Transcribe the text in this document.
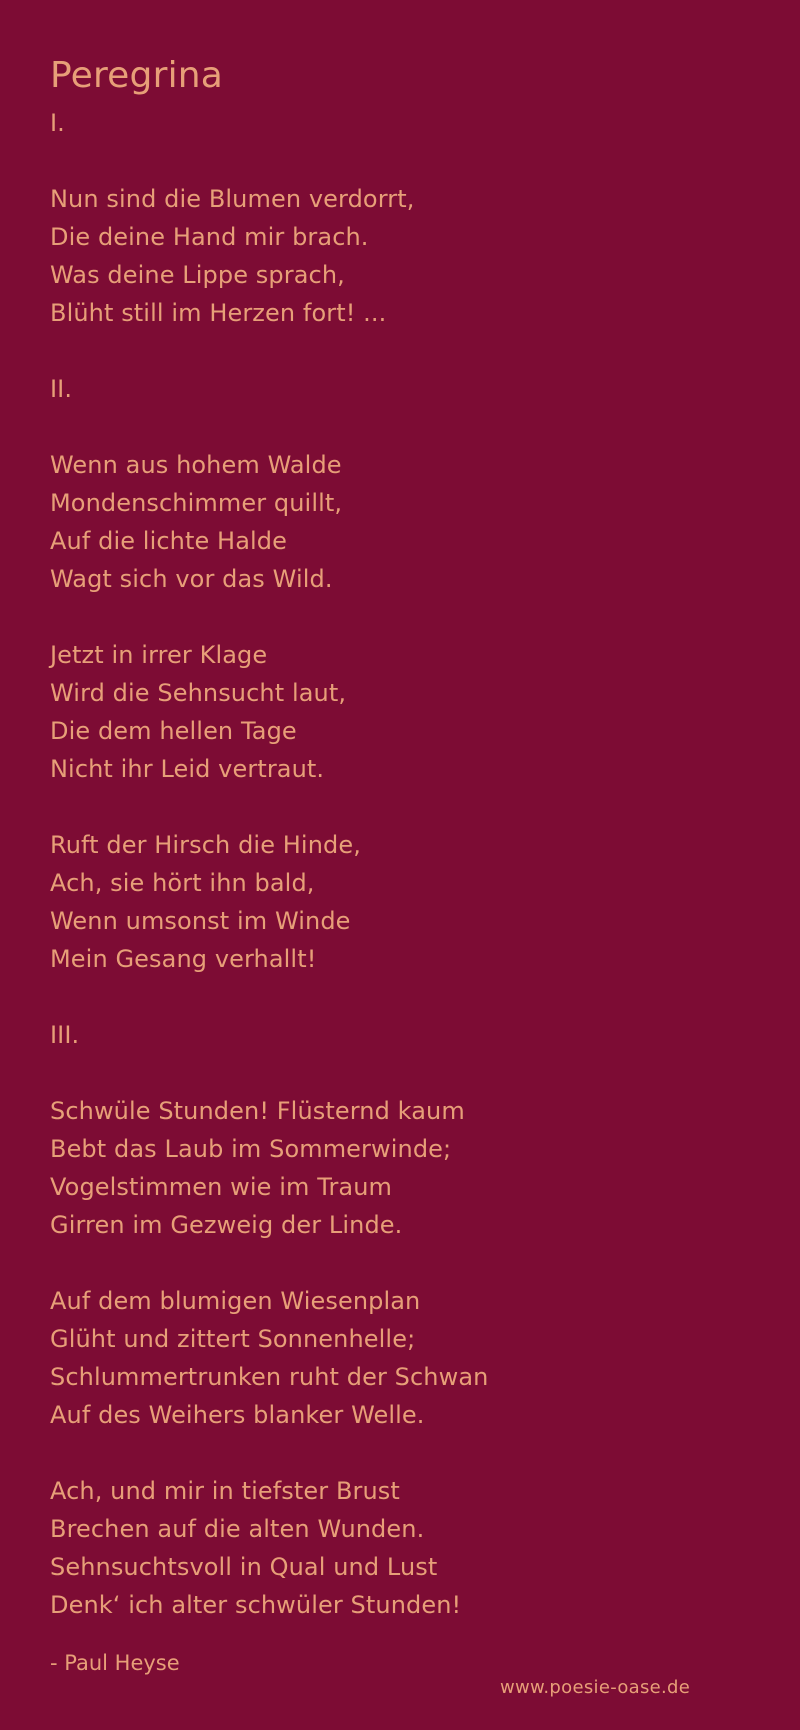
Peregrina

I.

Nun sind die Blumen verdorrt,
Die deine Hand mir brach.
Was deine Lippe sprach,
Blüht still im Herzen fort! ...

II.

Wenn aus hohem Walde
Mondenschimmer quillt,
Auf die lichte Halde
Wagt sich vor das Wild.

Jetzt in irrer Klage
Wird die Sehnsucht laut,
Die dem hellen Tage
Nicht ihr Leid vertraut.

Ruft der Hirsch die Hinde,
Ach, sie hört ihn bald,
Wenn umsonst im Winde
Mein Gesang verhallt!

III.

Schwüle Stunden! Flüsternd kaum
Bebt das Laub im Sommerwinde;
Vogelstimmen wie im Traum
Girren im Gezweig der Linde.

Auf dem blumigen Wiesenplan
Glüht und zittert Sonnenhelle;
Schlummertrunken ruht der Schwan
Auf des Weihers blanker Welle.

Ach, und mir in tiefster Brust
Brechen auf die alten Wunden.
Sehnsuchtsvoll in Qual und Lust
Denk‘ ich alter schwüler Stunden!

- Paul Heyse

www.poesie-oase.de
